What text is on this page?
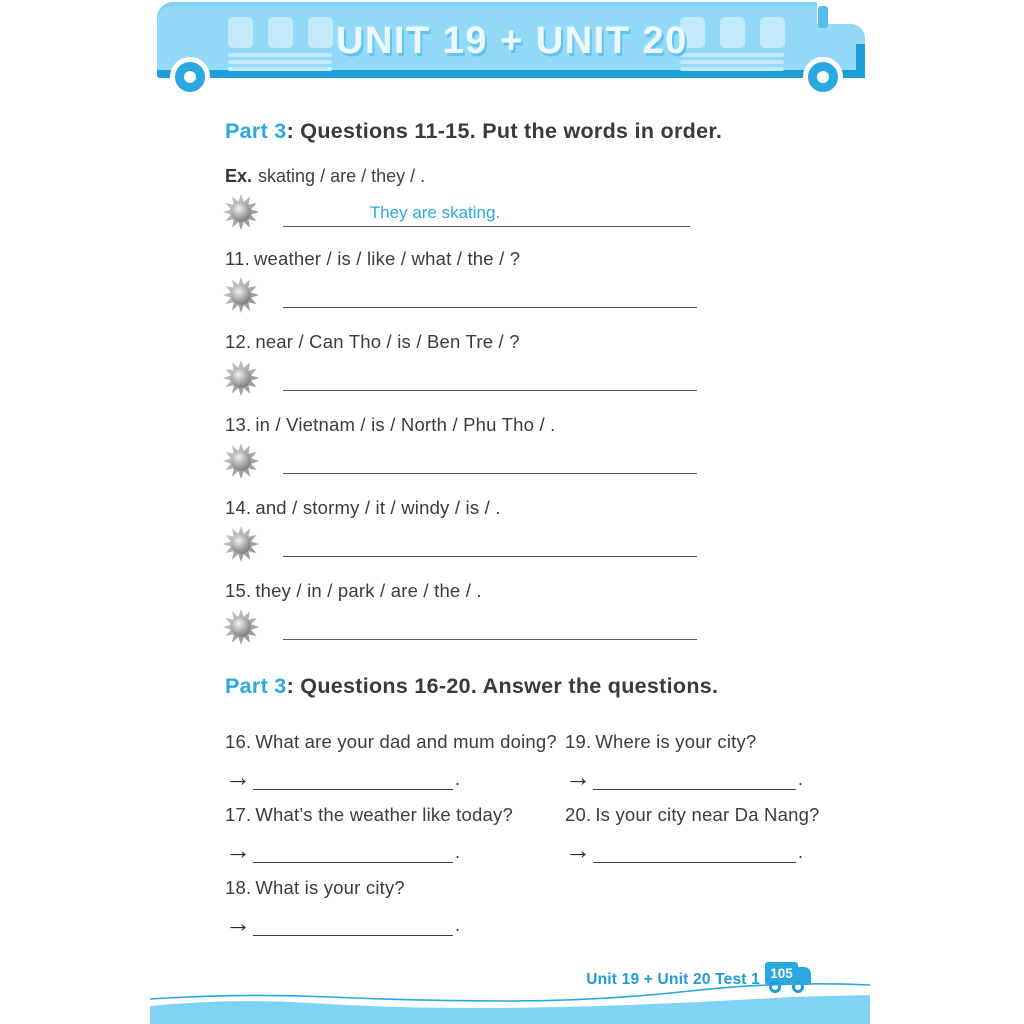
UNIT 19 + UNIT 20
Part 3: Questions 11-15. Put the words in order.
Ex. skating / are / they / .
They are skating.
11. weather / is / like / what / the / ?
12. near / Can Tho / is / Ben Tre / ?
13. in / Vietnam / is / North / Phu Tho / .
14. and / stormy / it / windy / is / .
15. they / in / park / are / the / .
Part 3: Questions 16-20. Answer the questions.
16. What are your dad and mum doing?
→	.
17. What’s the weather like today?
→	.
18. What is your city?
→	.
19. Where is your city?
→	.
20. Is your city near Da Nang?
→	.
Unit 19 + Unit 20 Test 1 105
